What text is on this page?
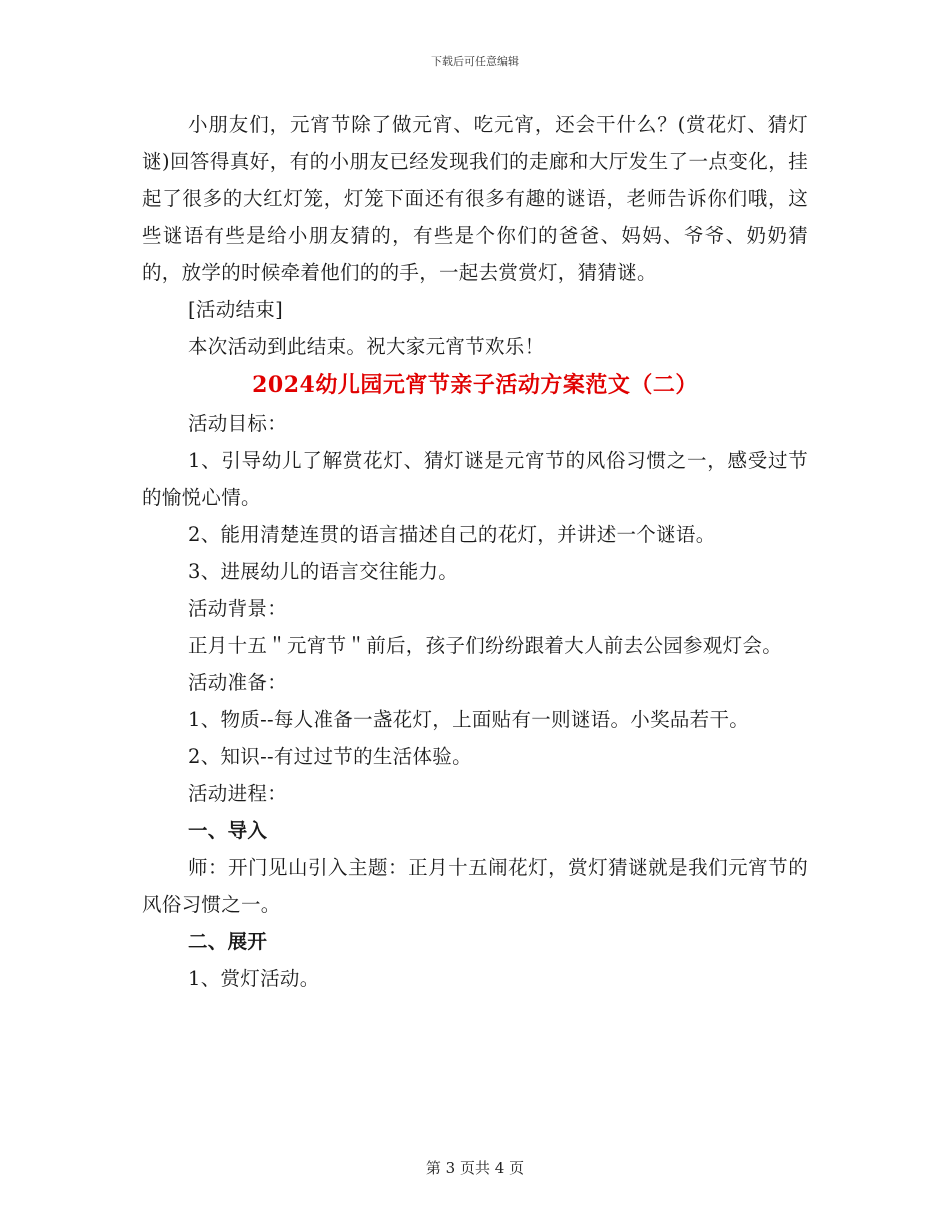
下载后可任意编辑

小朋友们，元宵节除了做元宵、吃元宵，还会干什么？(赏花灯、猜灯谜)回答得真好，有的小朋友已经发现我们的走廊和大厅发生了一点变化，挂起了很多的大红灯笼，灯笼下面还有很多有趣的谜语，老师告诉你们哦，这些谜语有些是给小朋友猜的，有些是个你们的爸爸、妈妈、爷爷、奶奶猜的，放学的时候牵着他们的的手，一起去赏赏灯，猜猜谜。

[活动结束]

本次活动到此结束。祝大家元宵节欢乐！

2024幼儿园元宵节亲子活动方案范文（二）

活动目标：

1、引导幼儿了解赏花灯、猜灯谜是元宵节的风俗习惯之一，感受过节的愉悦心情。

2、能用清楚连贯的语言描述自己的花灯，并讲述一个谜语。

3、进展幼儿的语言交往能力。

活动背景：

正月十五＂元宵节＂前后，孩子们纷纷跟着大人前去公园参观灯会。

活动准备：

1、物质--每人准备一盏花灯，上面贴有一则谜语。小奖品若干。

2、知识--有过过节的生活体验。

活动进程：

一、导入

师：开门见山引入主题：正月十五闹花灯，赏灯猜谜就是我们元宵节的风俗习惯之一。

二、展开

1、赏灯活动。

第 3 页共 4 页
